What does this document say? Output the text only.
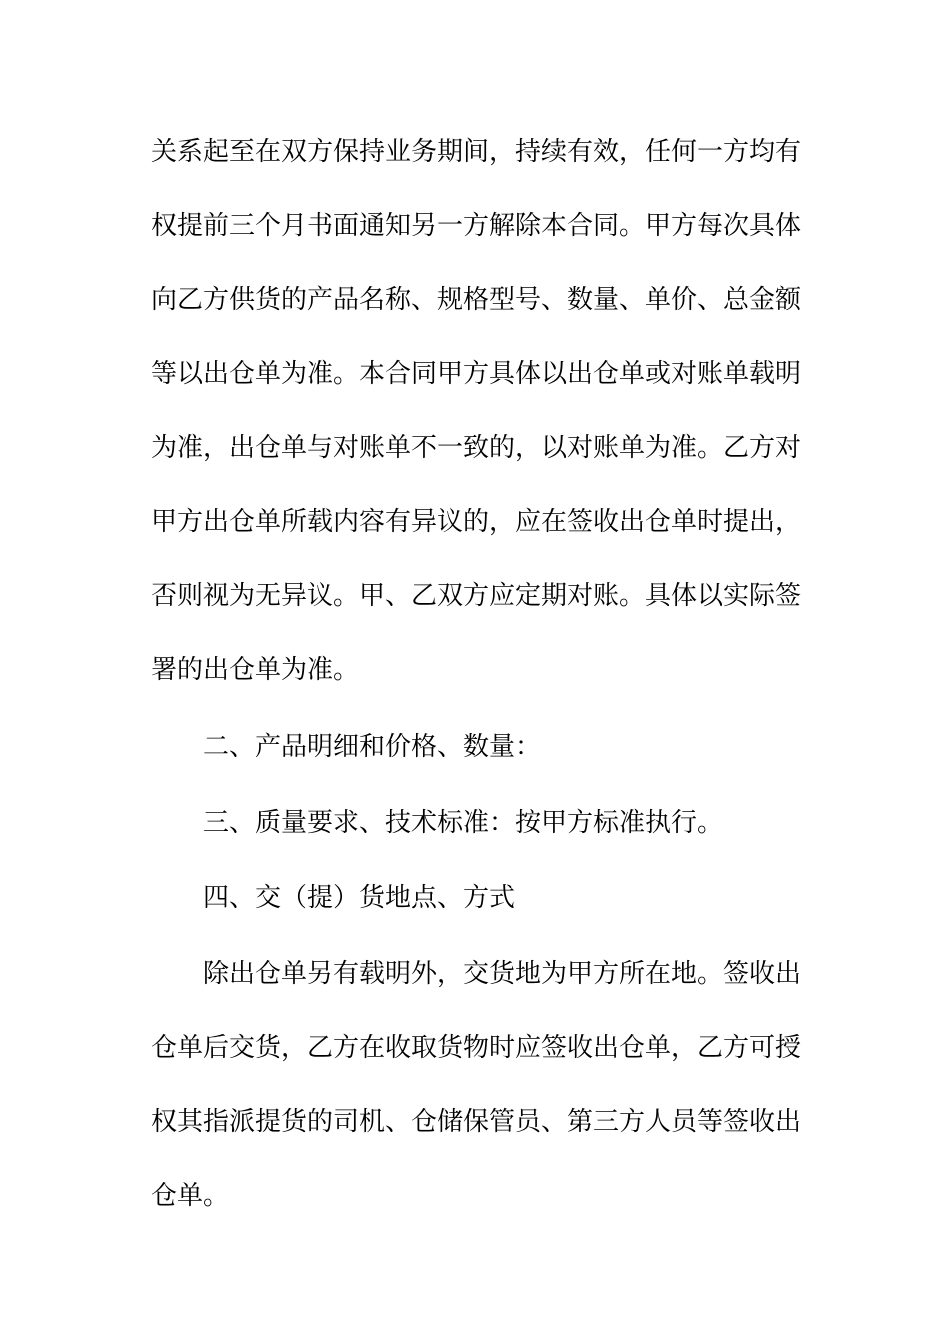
关系起至在双方保持业务期间，持续有效，任何一方均有

权提前三个月书面通知另一方解除本合同。甲方每次具体

向乙方供货的产品名称、规格型号、数量、单价、总金额

等以出仓单为准。本合同甲方具体以出仓单或对账单载明

为准，出仓单与对账单不一致的，以对账单为准。乙方对

甲方出仓单所载内容有异议的，应在签收出仓单时提出，

否则视为无异议。甲、乙双方应定期对账。具体以实际签

署的出仓单为准。

二、产品明细和价格、数量：

三、质量要求、技术标准：按甲方标准执行。

四、交（提）货地点、方式

除出仓单另有载明外，交货地为甲方所在地。签收出

仓单后交货，乙方在收取货物时应签收出仓单，乙方可授

权其指派提货的司机、仓储保管员、第三方人员等签收出

仓单。
